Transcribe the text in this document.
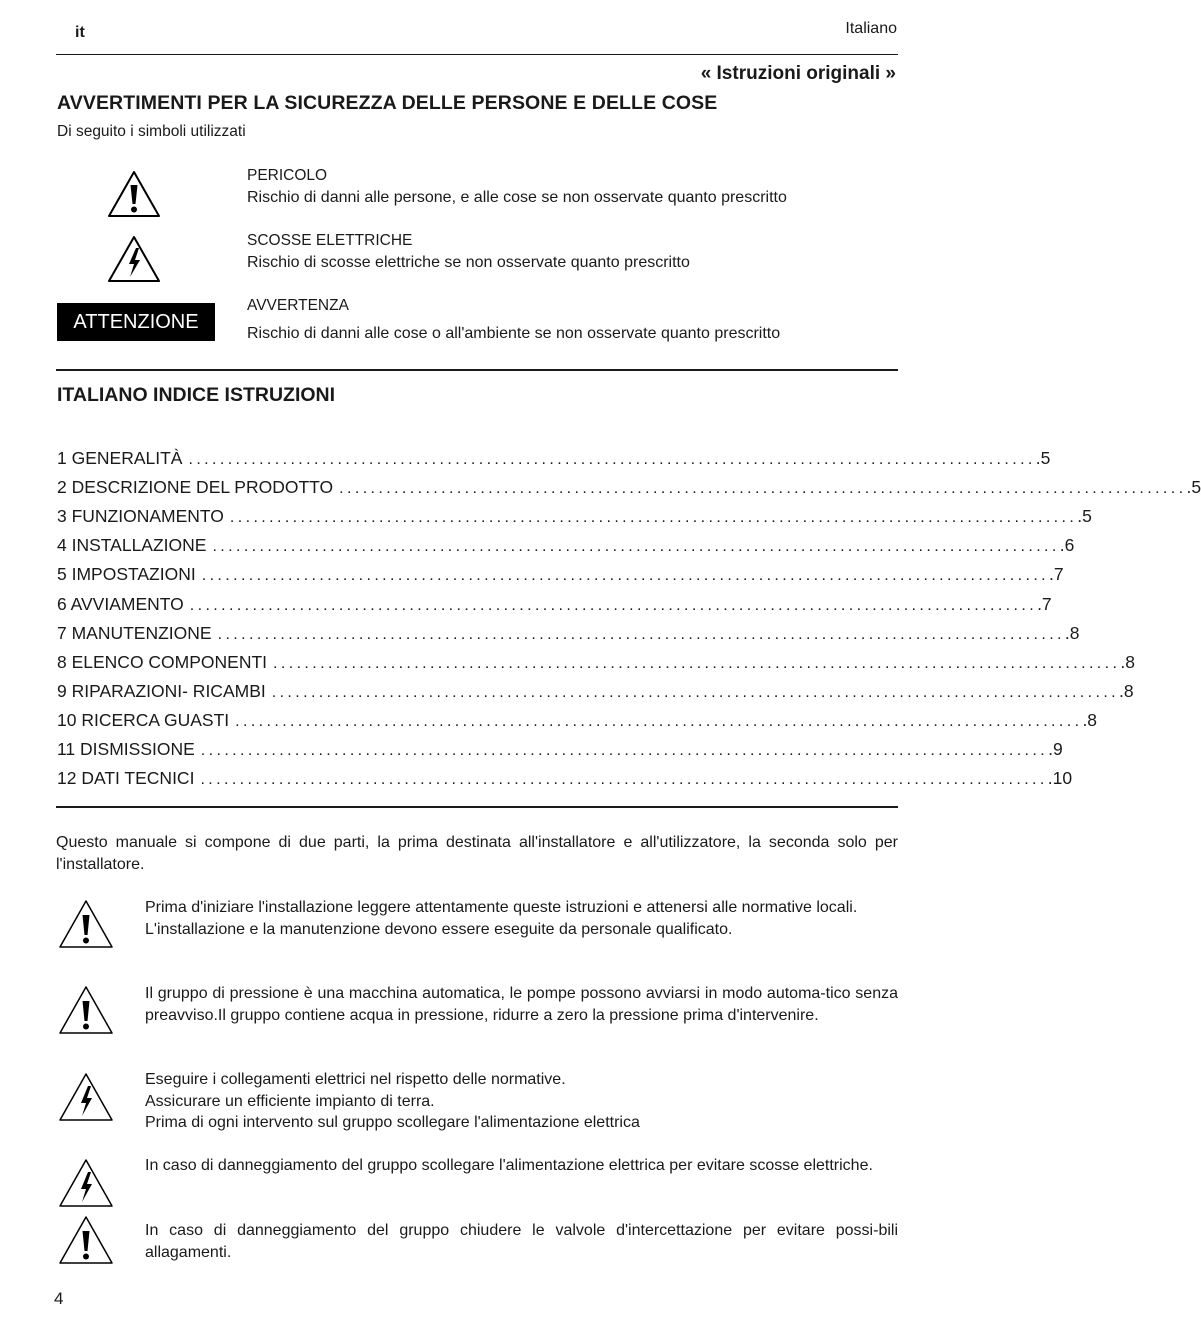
it	Italiano
« Istruzioni originali »
AVVERTIMENTI PER LA SICUREZZA DELLE PERSONE E DELLE COSE
Di seguito i simboli utilizzati
PERICOLO
Rischio di danni alle persone, e alle cose se non osservate quanto prescritto
SCOSSE ELETTRICHE
Rischio di scosse elettriche se non osservate quanto prescritto
ATTENZIONE
AVVERTENZA
Rischio di danni alle cose o all'ambiente se non osservate quanto prescritto
ITALIANO INDICE ISTRUZIONI
1 GENERALITÀ ............................................................................................................ .5
2 DESCRIZIONE DEL PRODOTTO ............................................................................................................ .5
3 FUNZIONAMENTO ............................................................................................................ .5
4 INSTALLAZIONE ............................................................................................................ .6
5 IMPOSTAZIONI ............................................................................................................ .7
6 AVVIAMENTO ............................................................................................................ .7
7 MANUTENZIONE ............................................................................................................ .8
8 ELENCO COMPONENTI ............................................................................................................ .8
9 RIPARAZIONI- RICAMBI ............................................................................................................ .8
10 RICERCA GUASTI ............................................................................................................ .8
11 DISMISSIONE ............................................................................................................ .9
12 DATI TECNICI ............................................................................................................ .10
Questo manuale si compone di due parti, la prima destinata all'installatore e all'utilizzatore, la seconda solo per l'installatore.

Prima d'iniziare l'installazione leggere attentamente queste istruzioni e attenersi alle normative locali.

L'installazione e la manutenzione devono essere eseguite da personale qualificato.

Il gruppo di pressione è una macchina automatica, le pompe possono avviarsi in modo automa-tico senza preavviso.Il gruppo contiene acqua in pressione, ridurre a zero la pressione prima d'intervenire.

Eseguire i collegamenti elettrici nel rispetto delle normative.

Assicurare un efficiente impianto di terra.

Prima di ogni intervento sul gruppo scollegare l'alimentazione elettrica

In caso di danneggiamento del gruppo scollegare l'alimentazione elettrica per evitare scosse elettriche.

In caso di danneggiamento del gruppo chiudere le valvole d'intercettazione per evitare possi-bili allagamenti.

4
